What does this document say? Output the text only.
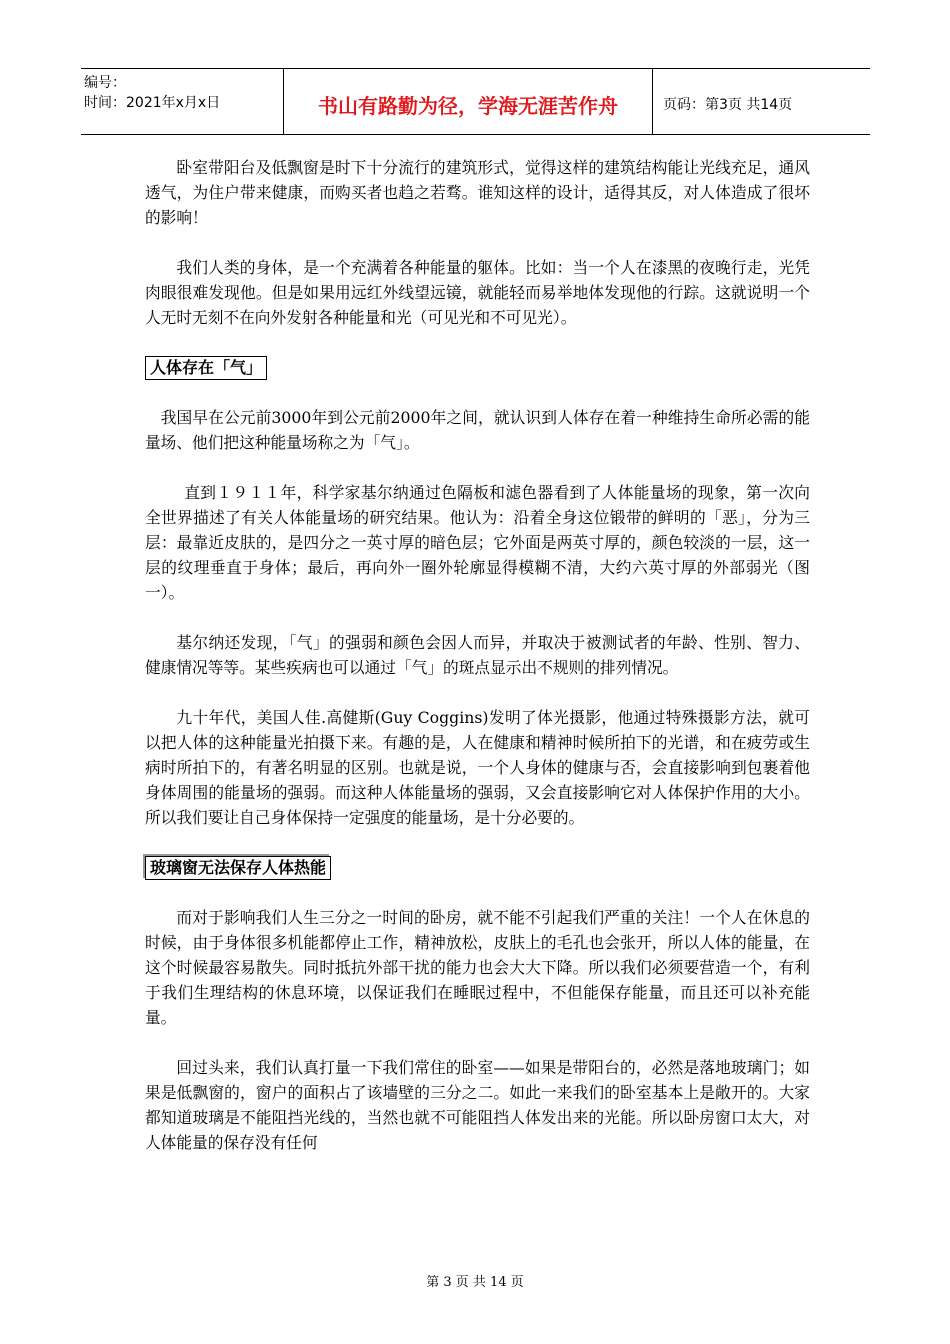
编号：
时间：2021年x月x日	书山有路勤为径，学海无涯苦作舟	页码：第3页 共14页

卧室带阳台及低飘窗是时下十分流行的建筑形式，觉得这样的建筑结构能让光线充足，通风透气，为住户带来健康，而购买者也趋之若骛。谁知这样的设计，适得其反，对人体造成了很坏的影响！

我们人类的身体，是一个充满着各种能量的躯体。比如：当一个人在漆黑的夜晚行走，光凭肉眼很难发现他。但是如果用远红外线望远镜，就能轻而易举地体发现他的行踪。这就说明一个人无时无刻不在向外发射各种能量和光（可见光和不可见光）。

人体存在「气」

我国早在公元前3000年到公元前2000年之间，就认识到人体存在着一种维持生命所必需的能量场、他们把这种能量场称之为「气」。

直到１９１１年，科学家基尔纳通过色隔板和滤色器看到了人体能量场的现象，第一次向全世界描述了有关人体能量场的研究结果。他认为：沿着全身这位锻带的鲜明的「恶」，分为三层：最靠近皮肤的，是四分之一英寸厚的暗色层；它外面是两英寸厚的，颜色较淡的一层，这一层的纹理垂直于身体；最后，再向外一圈外轮廓显得模糊不清，大约六英寸厚的外部弱光（图一）。

基尔纳还发现，「气」的强弱和颜色会因人而异，并取决于被测试者的年龄、性别、智力、健康情况等等。某些疾病也可以通过「气」的斑点显示出不规则的排列情况。

九十年代，美国人佳.高健斯(Guy Coggins)发明了体光摄影，他通过特殊摄影方法，就可以把人体的这种能量光拍摄下来。有趣的是，人在健康和精神时候所拍下的光谱，和在疲劳或生病时所拍下的，有著名明显的区别。也就是说，一个人身体的健康与否，会直接影响到包裹着他身体周围的能量场的强弱。而这种人体能量场的强弱，又会直接影响它对人体保护作用的大小。所以我们要让自己身体保持一定强度的能量场，是十分必要的。

玻璃窗无法保存人体热能

而对于影响我们人生三分之一时间的卧房，就不能不引起我们严重的关注！一个人在休息的时候，由于身体很多机能都停止工作，精神放松，皮肤上的毛孔也会张开，所以人体的能量，在这个时候最容易散失。同时抵抗外部干扰的能力也会大大下降。所以我们必须要营造一个，有利于我们生理结构的休息环境，以保证我们在睡眠过程中，不但能保存能量，而且还可以补充能量。

回过头来，我们认真打量一下我们常住的卧室——如果是带阳台的，必然是落地玻璃门；如果是低飘窗的，窗户的面积占了该墙壁的三分之二。如此一来我们的卧室基本上是敞开的。大家都知道玻璃是不能阻挡光线的，当然也就不可能阻挡人体发出来的光能。所以卧房窗口太大，对人体能量的保存没有任何

第 3 页 共 14 页
